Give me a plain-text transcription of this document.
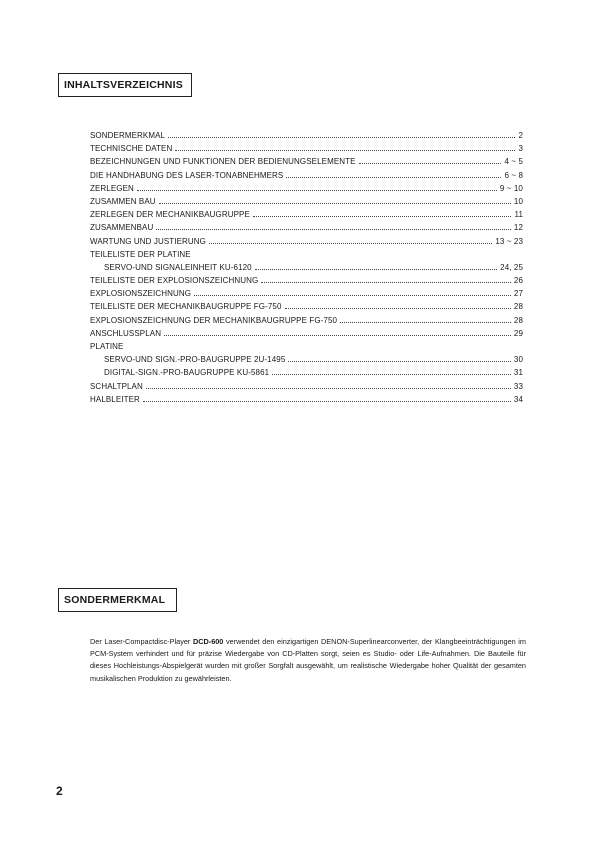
INHALTSVERZEICHNIS
SONDERMERKMAL	2
TECHNISCHE DATEN	3
BEZEICHNUNGEN UND FUNKTIONEN DER BEDIENUNGSELEMENTE	4 ~ 5
DIE HANDHABUNG DES LASER-TONABNEHMERS	6 ~ 8
ZERLEGEN	9 ~ 10
ZUSAMMEN BAU	10
ZERLEGEN DER MECHANIKBAUGRUPPE	11
ZUSAMMENBAU	12
WARTUNG UND JUSTIERUNG	13 ~ 23
TEILELISTE DER PLATINE
SERVO-UND SIGNALEINHEIT KU-6120	24, 25
TEILELISTE DER EXPLOSIONSZEICHNUNG	26
EXPLOSIONSZEICHNUNG	27
TEILELISTE DER MECHANIKBAUGRUPPE FG-750	28
EXPLOSIONSZEICHNUNG DER MECHANIKBAUGRUPPE FG-750	28
ANSCHLUSSPLAN	29
PLATINE
SERVO-UND SIGN.-PRO-BAUGRUPPE 2U-1495	30
DIGITAL-SIGN.-PRO-BAUGRUPPE KU-5861	31
SCHALTPLAN	33
HALBLEITER	34
SONDERMERKMAL
Der Laser-Compactdisc-Player DCD-600 verwendet den einzigartigen DENON-Superlinearconverter, der Klangbeeinträchtigungen im PCM-System verhindert und für präzise Wiedergabe von CD-Platten sorgt, seien es Studio- oder Life-Aufnahmen. Die Bauteile für dieses Hochleistungs-Abspielgerät wurden mit großer Sorgfalt ausgewählt, um realistische Wiedergabe hoher Qualität der gesamten musikalischen Produktion zu gewährleisten.
2
